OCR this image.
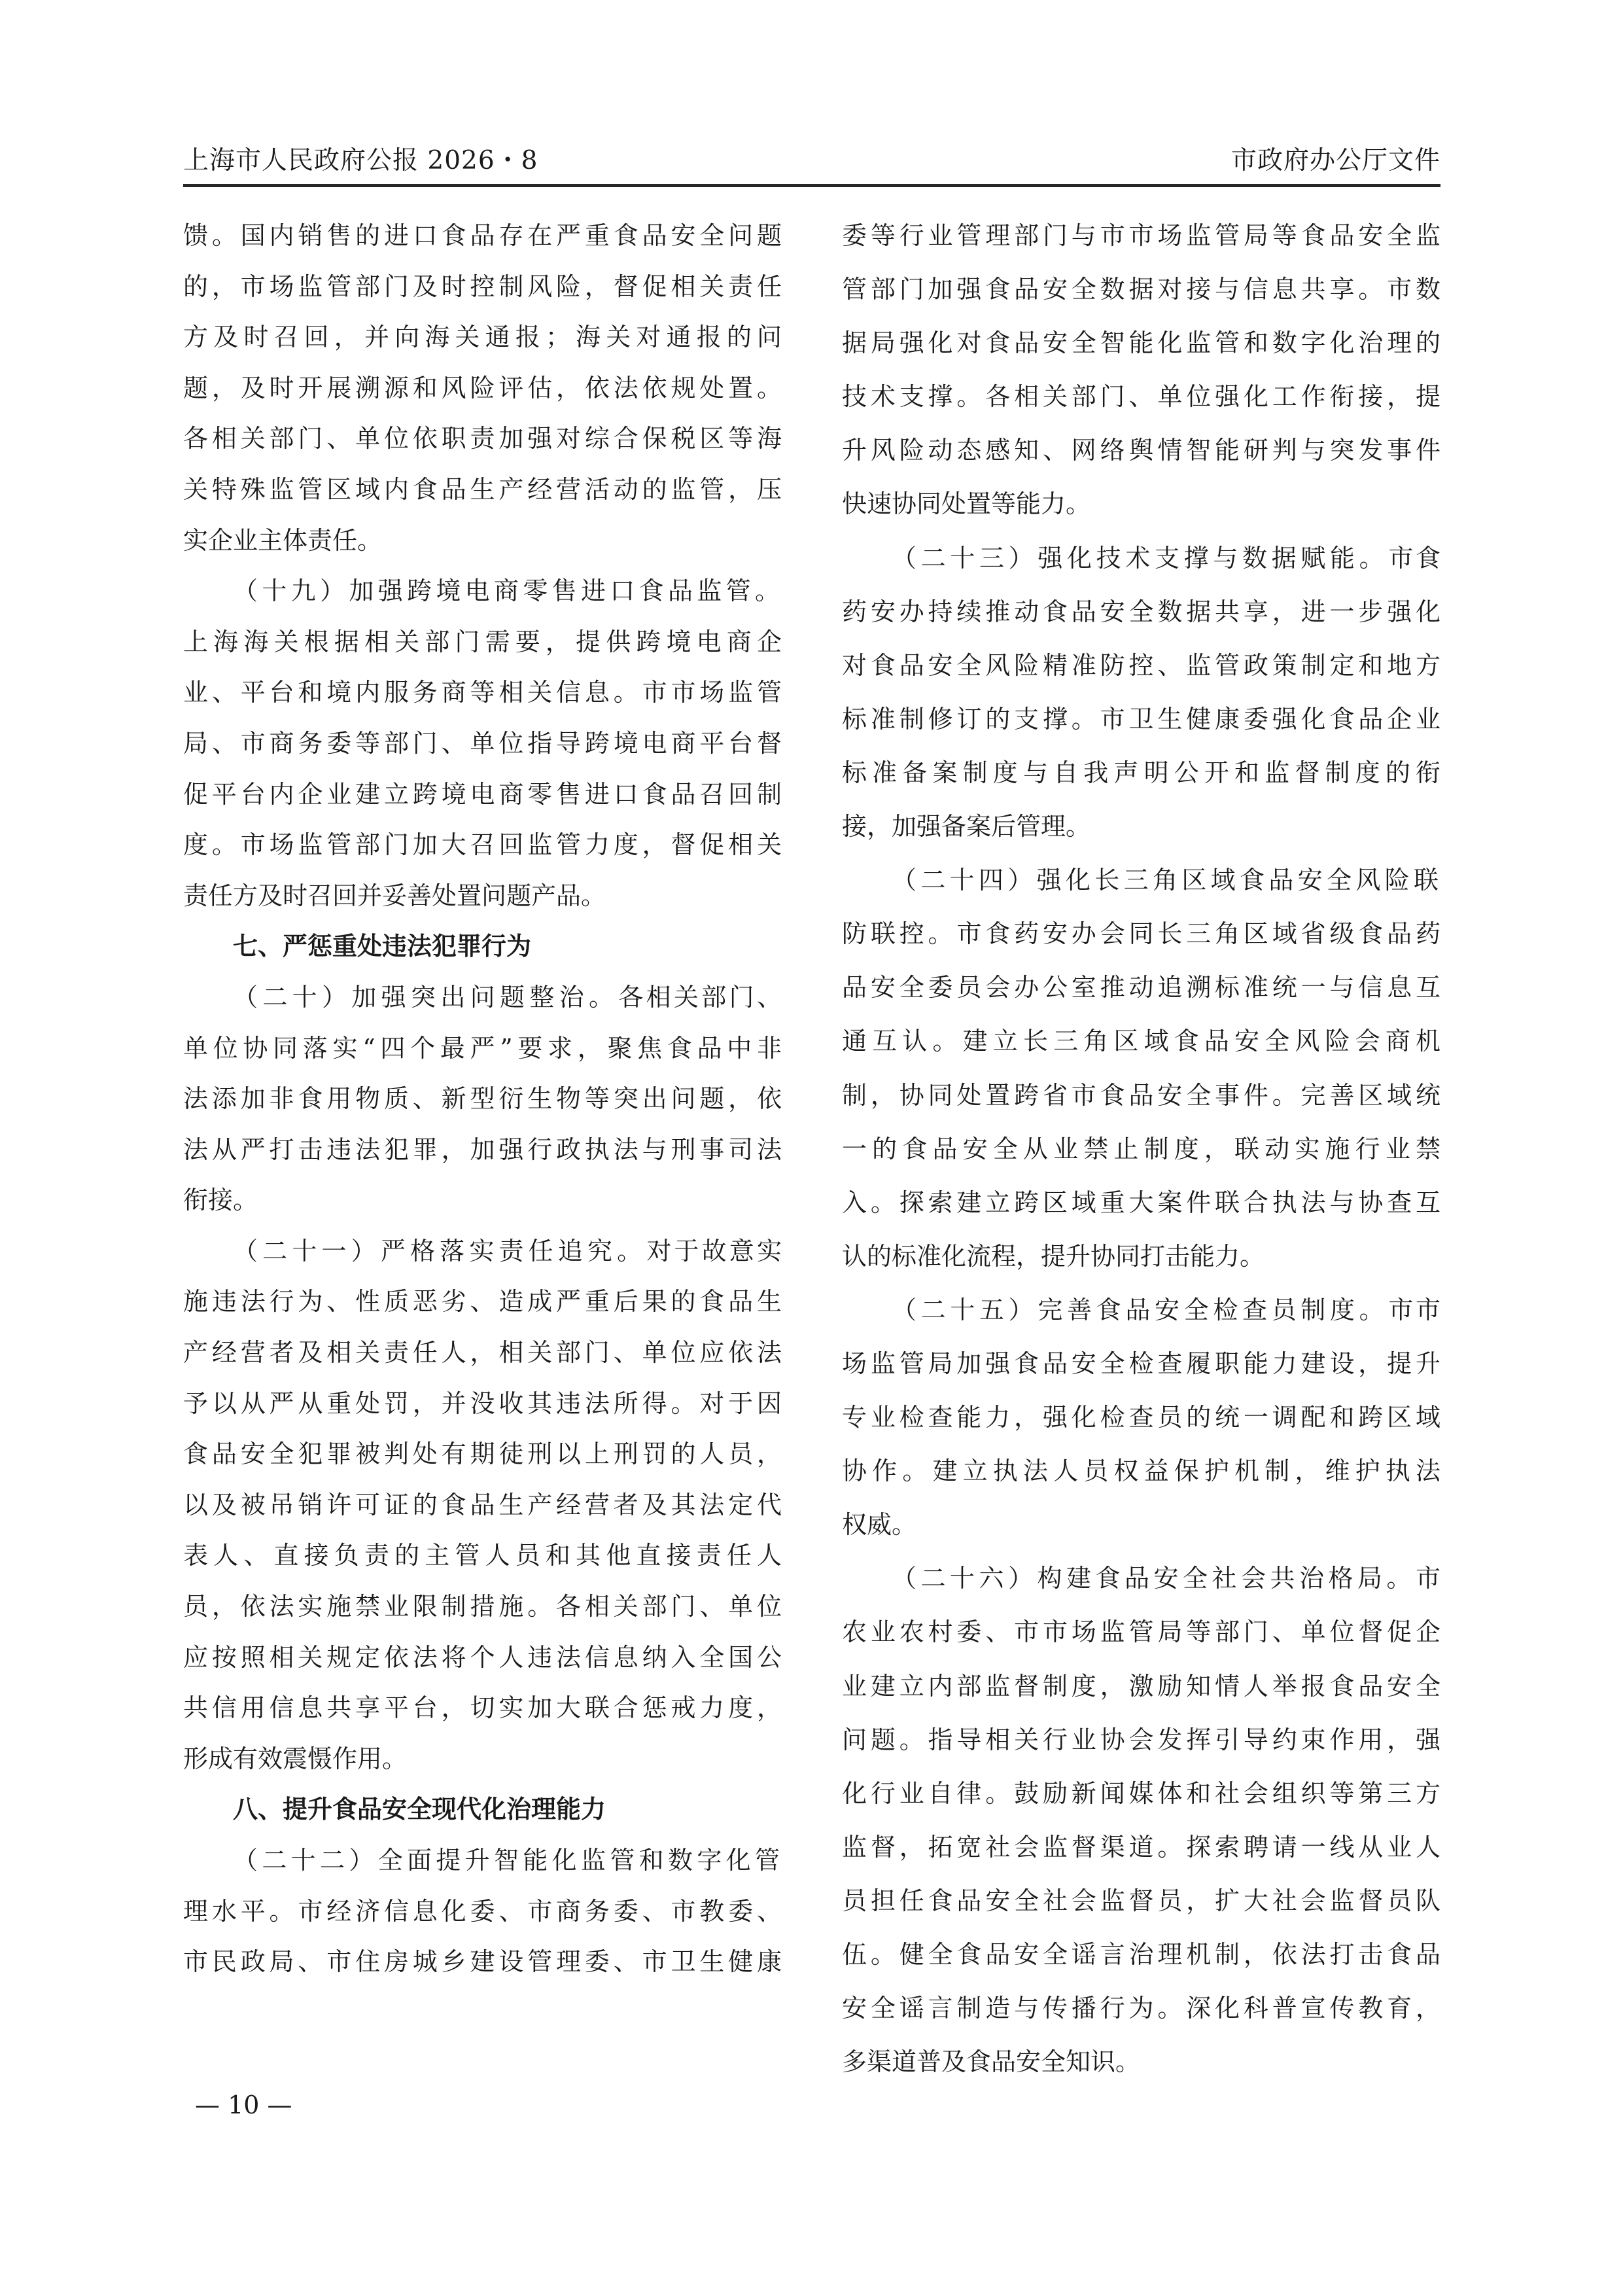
上海市人民政府公报 2026・8	市政府办公厅文件
馈。国内销售的进口食品存在严重食品安全问题
的，市场监管部门及时控制风险，督促相关责任
方及时召回，并向海关通报；海关对通报的问
题，及时开展溯源和风险评估，依法依规处置。
各相关部门、单位依职责加强对综合保税区等海
关特殊监管区域内食品生产经营活动的监管，压
实企业主体责任。
（十九）加强跨境电商零售进口食品监管。
上海海关根据相关部门需要，提供跨境电商企
业、平台和境内服务商等相关信息。市市场监管
局、市商务委等部门、单位指导跨境电商平台督
促平台内企业建立跨境电商零售进口食品召回制
度。市场监管部门加大召回监管力度，督促相关
责任方及时召回并妥善处置问题产品。
七、严惩重处违法犯罪行为
（二十）加强突出问题整治。各相关部门、
单位协同落实“四个最严”要求，聚焦食品中非
法添加非食用物质、新型衍生物等突出问题，依
法从严打击违法犯罪，加强行政执法与刑事司法
衔接。
（二十一）严格落实责任追究。对于故意实
施违法行为、性质恶劣、造成严重后果的食品生
产经营者及相关责任人，相关部门、单位应依法
予以从严从重处罚，并没收其违法所得。对于因
食品安全犯罪被判处有期徒刑以上刑罚的人员，
以及被吊销许可证的食品生产经营者及其法定代
表人、直接负责的主管人员和其他直接责任人
员，依法实施禁业限制措施。各相关部门、单位
应按照相关规定依法将个人违法信息纳入全国公
共信用信息共享平台，切实加大联合惩戒力度，
形成有效震慑作用。
八、提升食品安全现代化治理能力
（二十二）全面提升智能化监管和数字化管
理水平。市经济信息化委、市商务委、市教委、
市民政局、市住房城乡建设管理委、市卫生健康
委等行业管理部门与市市场监管局等食品安全监
管部门加强食品安全数据对接与信息共享。市数
据局强化对食品安全智能化监管和数字化治理的
技术支撑。各相关部门、单位强化工作衔接，提
升风险动态感知、网络舆情智能研判与突发事件
快速协同处置等能力。
（二十三）强化技术支撑与数据赋能。市食
药安办持续推动食品安全数据共享，进一步强化
对食品安全风险精准防控、监管政策制定和地方
标准制修订的支撑。市卫生健康委强化食品企业
标准备案制度与自我声明公开和监督制度的衔
接，加强备案后管理。
（二十四）强化长三角区域食品安全风险联
防联控。市食药安办会同长三角区域省级食品药
品安全委员会办公室推动追溯标准统一与信息互
通互认。建立长三角区域食品安全风险会商机
制，协同处置跨省市食品安全事件。完善区域统
一的食品安全从业禁止制度，联动实施行业禁
入。探索建立跨区域重大案件联合执法与协查互
认的标准化流程，提升协同打击能力。
（二十五）完善食品安全检查员制度。市市
场监管局加强食品安全检查履职能力建设，提升
专业检查能力，强化检查员的统一调配和跨区域
协作。建立执法人员权益保护机制，维护执法
权威。
（二十六）构建食品安全社会共治格局。市
农业农村委、市市场监管局等部门、单位督促企
业建立内部监督制度，激励知情人举报食品安全
问题。指导相关行业协会发挥引导约束作用，强
化行业自律。鼓励新闻媒体和社会组织等第三方
监督，拓宽社会监督渠道。探索聘请一线从业人
员担任食品安全社会监督员，扩大社会监督员队
伍。健全食品安全谣言治理机制，依法打击食品
安全谣言制造与传播行为。深化科普宣传教育，
多渠道普及食品安全知识。
— 10 —
